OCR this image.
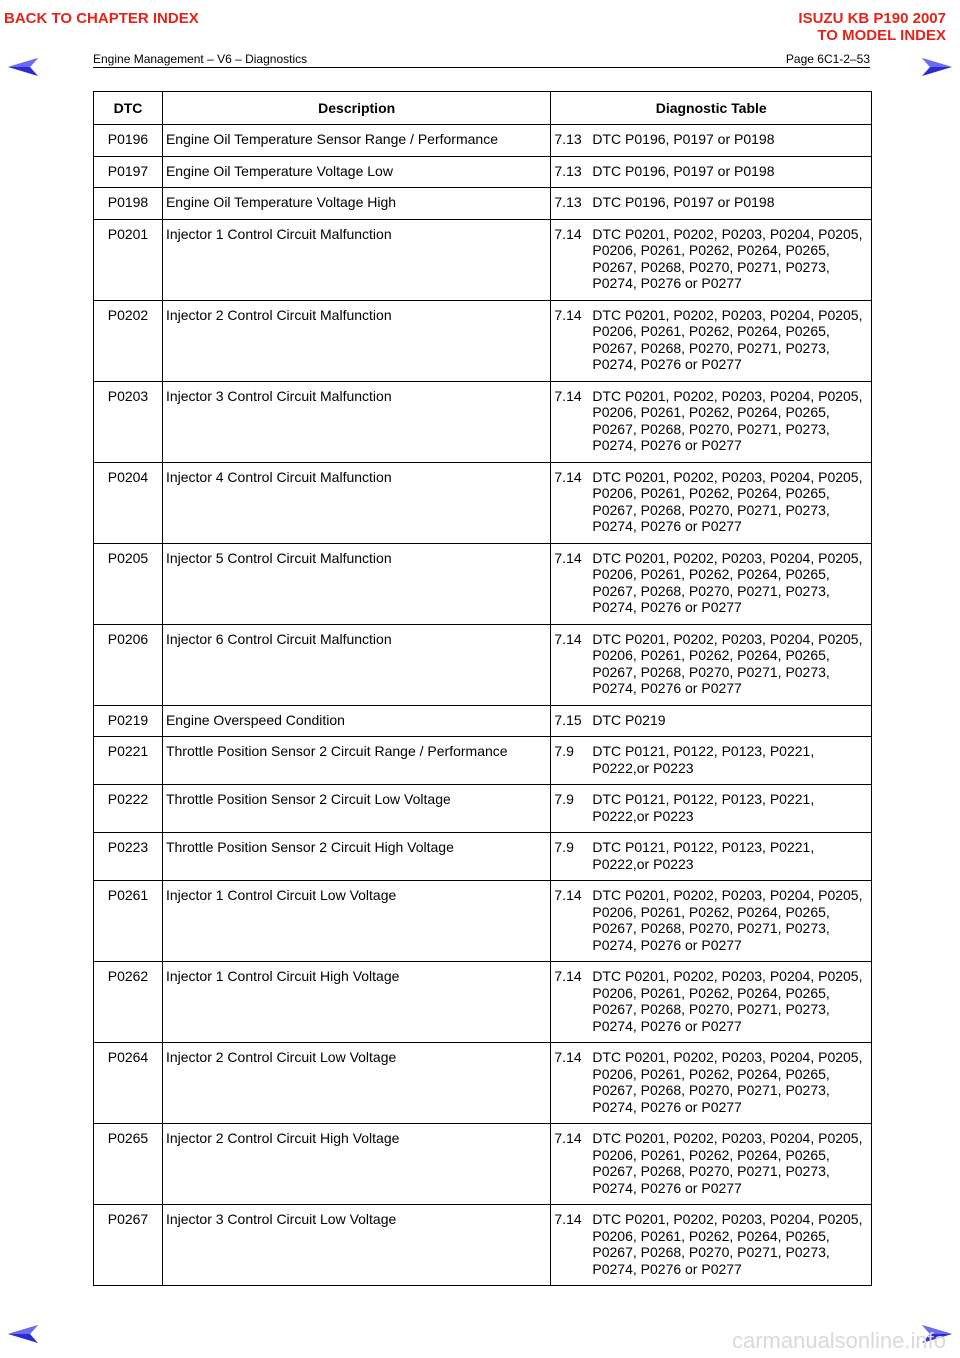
BACK TO CHAPTER INDEX	ISUZU KB P190 2007
TO MODEL INDEX
Engine Management – V6 – Diagnostics	Page 6C1-2–53
DTC	Description	Diagnostic Table
P0196	Engine Oil Temperature Sensor Range / Performance	7.13 DTC P0196, P0197 or P0198

P0197	Engine Oil Temperature Voltage Low	7.13 DTC P0196, P0197 or P0198

P0198	Engine Oil Temperature Voltage High	7.13 DTC P0196, P0197 or P0198

P0201	Injector 1 Control Circuit Malfunction	7.14 DTC P0201, P0202, P0203, P0204, P0205, P0206, P0261, P0262, P0264, P0265, P0267, P0268, P0270, P0271, P0273, P0274, P0276 or P0277

P0202	Injector 2 Control Circuit Malfunction	7.14 DTC P0201, P0202, P0203, P0204, P0205, P0206, P0261, P0262, P0264, P0265, P0267, P0268, P0270, P0271, P0273, P0274, P0276 or P0277

P0203	Injector 3 Control Circuit Malfunction	7.14 DTC P0201, P0202, P0203, P0204, P0205, P0206, P0261, P0262, P0264, P0265, P0267, P0268, P0270, P0271, P0273, P0274, P0276 or P0277

P0204	Injector 4 Control Circuit Malfunction	7.14 DTC P0201, P0202, P0203, P0204, P0205, P0206, P0261, P0262, P0264, P0265, P0267, P0268, P0270, P0271, P0273, P0274, P0276 or P0277

P0205	Injector 5 Control Circuit Malfunction	7.14 DTC P0201, P0202, P0203, P0204, P0205, P0206, P0261, P0262, P0264, P0265, P0267, P0268, P0270, P0271, P0273, P0274, P0276 or P0277

P0206	Injector 6 Control Circuit Malfunction	7.14 DTC P0201, P0202, P0203, P0204, P0205, P0206, P0261, P0262, P0264, P0265, P0267, P0268, P0270, P0271, P0273, P0274, P0276 or P0277

P0219	Engine Overspeed Condition	7.15 DTC P0219

P0221	Throttle Position Sensor 2 Circuit Range / Performance	7.9 DTC P0121, P0122, P0123, P0221, P0222,or P0223

P0222	Throttle Position Sensor 2 Circuit Low Voltage	7.9 DTC P0121, P0122, P0123, P0221, P0222,or P0223

P0223	Throttle Position Sensor 2 Circuit High Voltage	7.9 DTC P0121, P0122, P0123, P0221, P0222,or P0223

P0261	Injector 1 Control Circuit Low Voltage	7.14 DTC P0201, P0202, P0203, P0204, P0205, P0206, P0261, P0262, P0264, P0265, P0267, P0268, P0270, P0271, P0273, P0274, P0276 or P0277

P0262	Injector 1 Control Circuit High Voltage	7.14 DTC P0201, P0202, P0203, P0204, P0205, P0206, P0261, P0262, P0264, P0265, P0267, P0268, P0270, P0271, P0273, P0274, P0276 or P0277

P0264	Injector 2 Control Circuit Low Voltage	7.14 DTC P0201, P0202, P0203, P0204, P0205, P0206, P0261, P0262, P0264, P0265, P0267, P0268, P0270, P0271, P0273, P0274, P0276 or P0277

P0265	Injector 2 Control Circuit High Voltage	7.14 DTC P0201, P0202, P0203, P0204, P0205, P0206, P0261, P0262, P0264, P0265, P0267, P0268, P0270, P0271, P0273, P0274, P0276 or P0277

P0267	Injector 3 Control Circuit Low Voltage	7.14 DTC P0201, P0202, P0203, P0204, P0205, P0206, P0261, P0262, P0264, P0265, P0267, P0268, P0270, P0271, P0273, P0274, P0276 or P0277
carmanualsonline.info
